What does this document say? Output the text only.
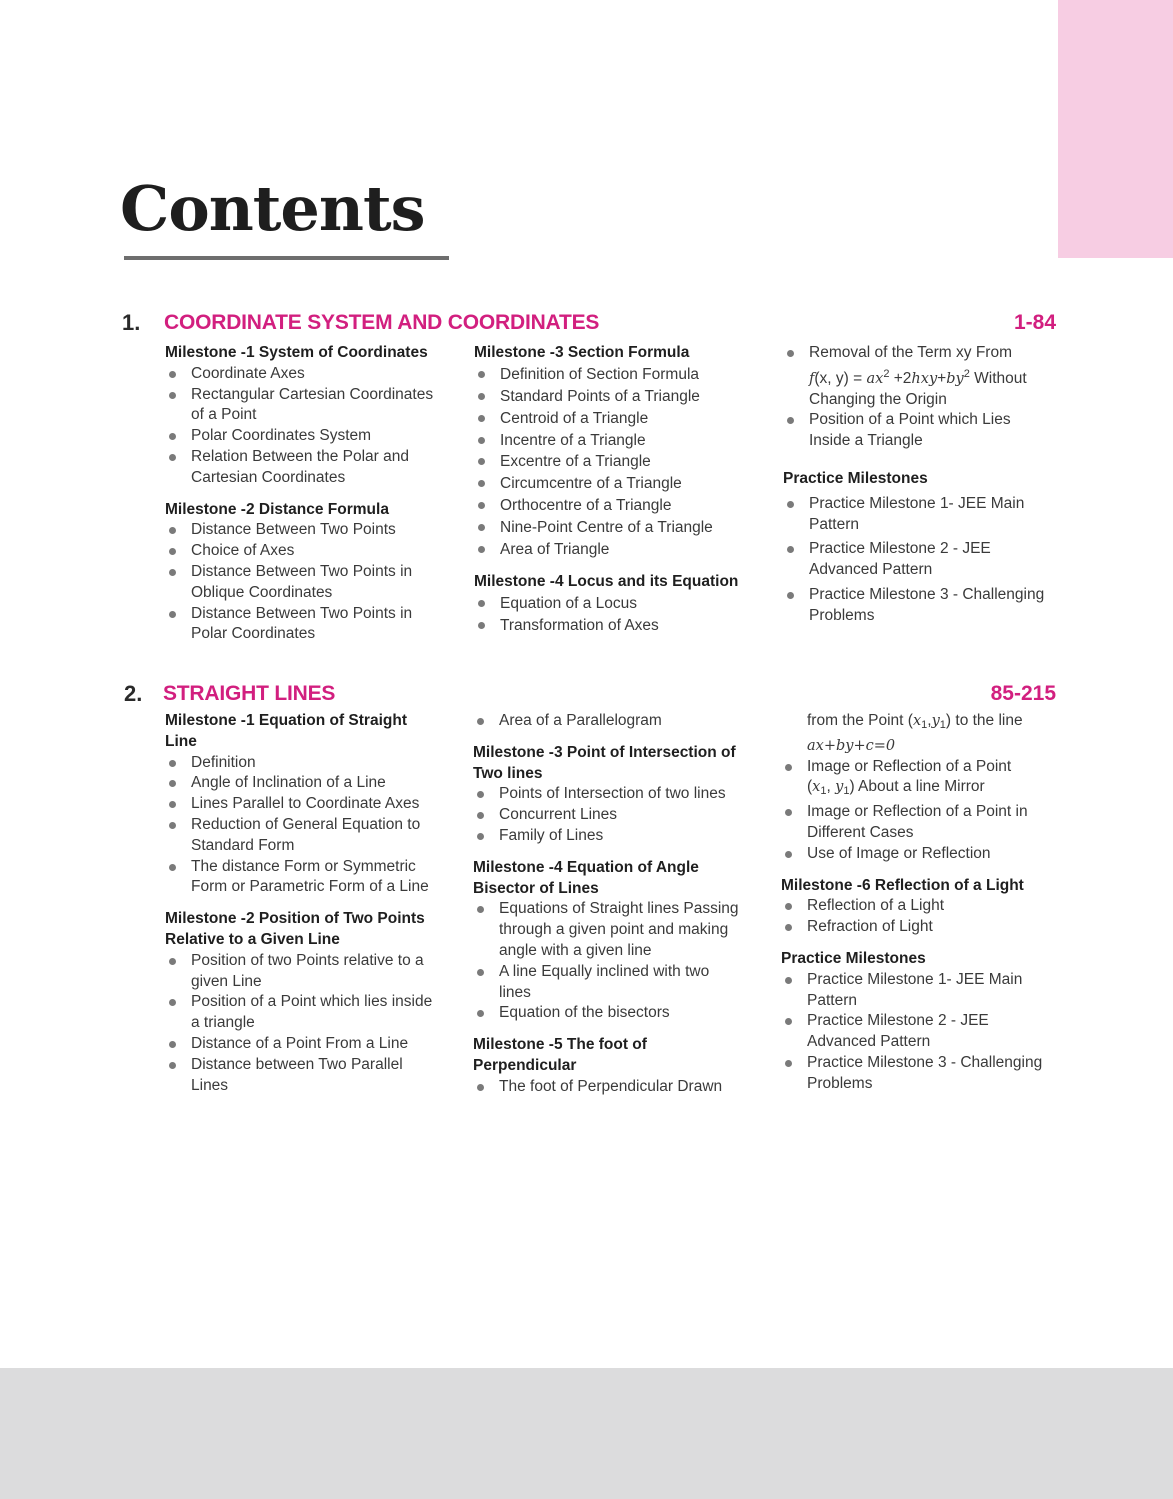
Contents
1. COORDINATE SYSTEM AND COORDINATES	1-84
Milestone -1 System of Coordinates
Coordinate Axes
Rectangular Cartesian Coordinates
of a Point
Polar Coordinates System
Relation Between the Polar and
Cartesian Coordinates
Milestone -2 Distance Formula
Distance Between Two Points
Choice of Axes
Distance Between Two Points in
Oblique Coordinates
Distance Between Two Points in
Polar Coordinates
Milestone -3 Section Formula
Definition of Section Formula
Standard Points of a Triangle
Centroid of a Triangle
Incentre of a Triangle
Excentre of a Triangle
Circumcentre of a Triangle
Orthocentre of a Triangle
Nine-Point Centre of a Triangle
Area of Triangle
Milestone -4 Locus and its Equation
Equation of a Locus
Transformation of Axes
Removal of the Term xy From
f(x, $y) = ax^2 +2hxy+by^2$ Without
Changing the Origin
Position of a Point which Lies
Inside a Triangle
Practice Milestones
Practice Milestone 1- JEE Main
Pattern
Practice Milestone 2 - JEE
Advanced Pattern
Practice Milestone 3 - Challenging
Problems
2. STRAIGHT LINES	85-215
Milestone -1 Equation of Straight
Line
Definition
Angle of Inclination of a Line
Lines Parallel to Coordinate Axes
Reduction of General Equation to
Standard Form
The distance Form or Symmetric
Form or Parametric Form of a Line
Milestone -2 Position of Two Points
Relative to a Given Line
Position of two Points relative to a
given Line
Position of a Point which lies inside
a triangle
Distance of a Point From a Line
Distance between Two Parallel
Lines
Area of a Parallelogram
Milestone -3 Point of Intersection of
Two lines
Points of Intersection of two lines
Concurrent Lines
Family of Lines
Milestone -4 Equation of Angle
Bisector of Lines
Equations of Straight lines Passing
through a given point and making
angle with a given line
A line Equally inclined with two
lines
Equation of the bisectors
Milestone -5 The foot of
Perpendicular
The foot of Perpendicular Drawn
from the Point $(x_1,y_1)$ to the line
ax+by+c=0
Image or Reflection of a Point
($x_1$, $y_1$) About a line Mirror
Image or Reflection of a Point in
Different Cases
Use of Image or Reflection
Milestone -6 Reflection of a Light
Reflection of a Light
Refraction of Light
Practice Milestones
Practice Milestone 1- JEE Main
Pattern
Practice Milestone 2 - JEE
Advanced Pattern
Practice Milestone 3 - Challenging
Problems
